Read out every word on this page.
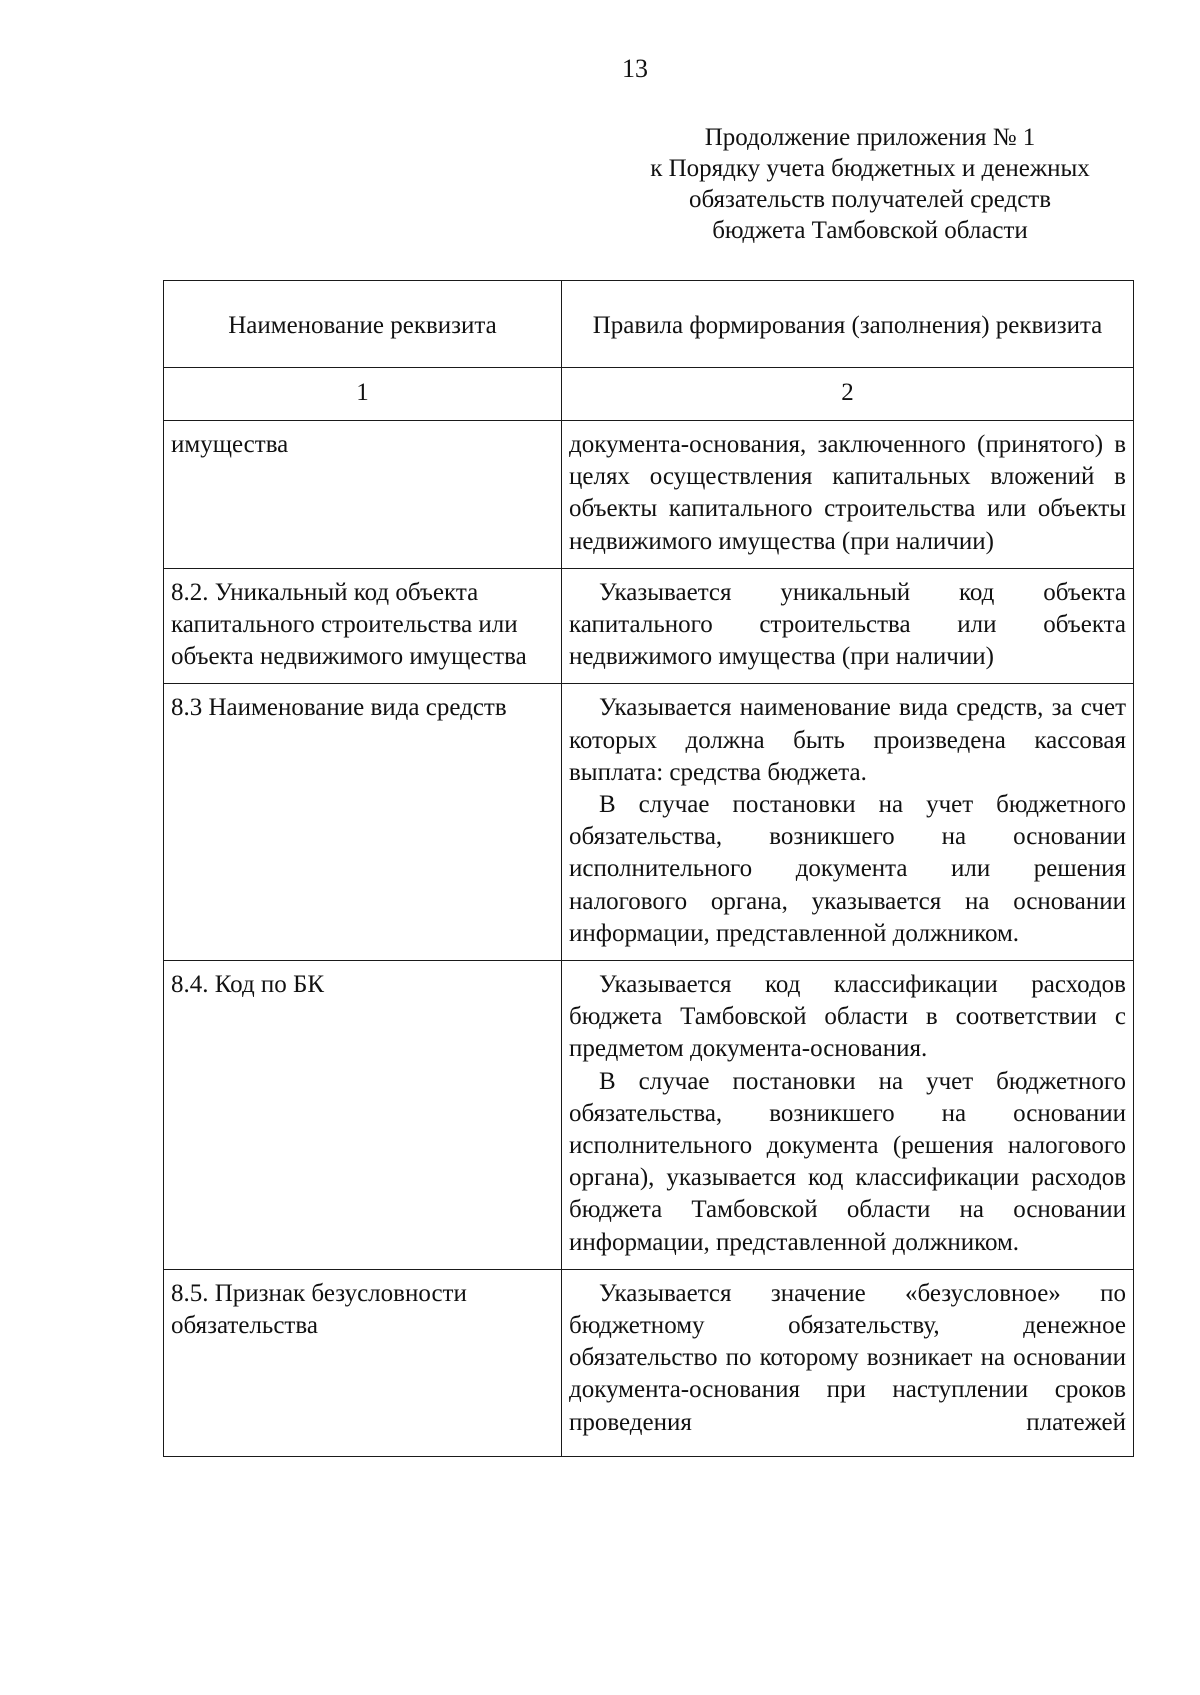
13
Продолжение приложения № 1
к Порядку учета бюджетных и денежных
обязательств получателей средств
бюджета Тамбовской области
Наименование реквизита	Правила формирования (заполнения) реквизита
1	2
имущества	документа-основания, заключенного (принятого) в целях осуществления капитальных вложений в объекты капитального строительства или объекты недвижимого имущества (при наличии)

8.2. Уникальный код объекта капитального строительства или объекта недвижимого имущества	Указывается уникальный код объекта капитального строительства или объекта недвижимого имущества (при наличии)

8.3 Наименование вида средств	Указывается наименование вида средств, за счет которых должна быть произведена кассовая выплата: средства бюджета.

В случае постановки на учет бюджетного обязательства, возникшего на основании исполнительного документа или решения налогового органа, указывается на основании информации, представленной должником.

8.4. Код по БК	Указывается код классификации расходов бюджета Тамбовской области в соответствии с предметом документа-основания.

В случае постановки на учет бюджетного обязательства, возникшего на основании исполнительного документа (решения налогового органа), указывается код классификации расходов бюджета Тамбовской области на основании информации, представленной должником.

8.5. Признак безусловности обязательства	Указывается значение «безусловное» по бюджетному обязательству, денежное обязательство по которому возникает на основании документа-основания при наступлении сроков проведения платежей
